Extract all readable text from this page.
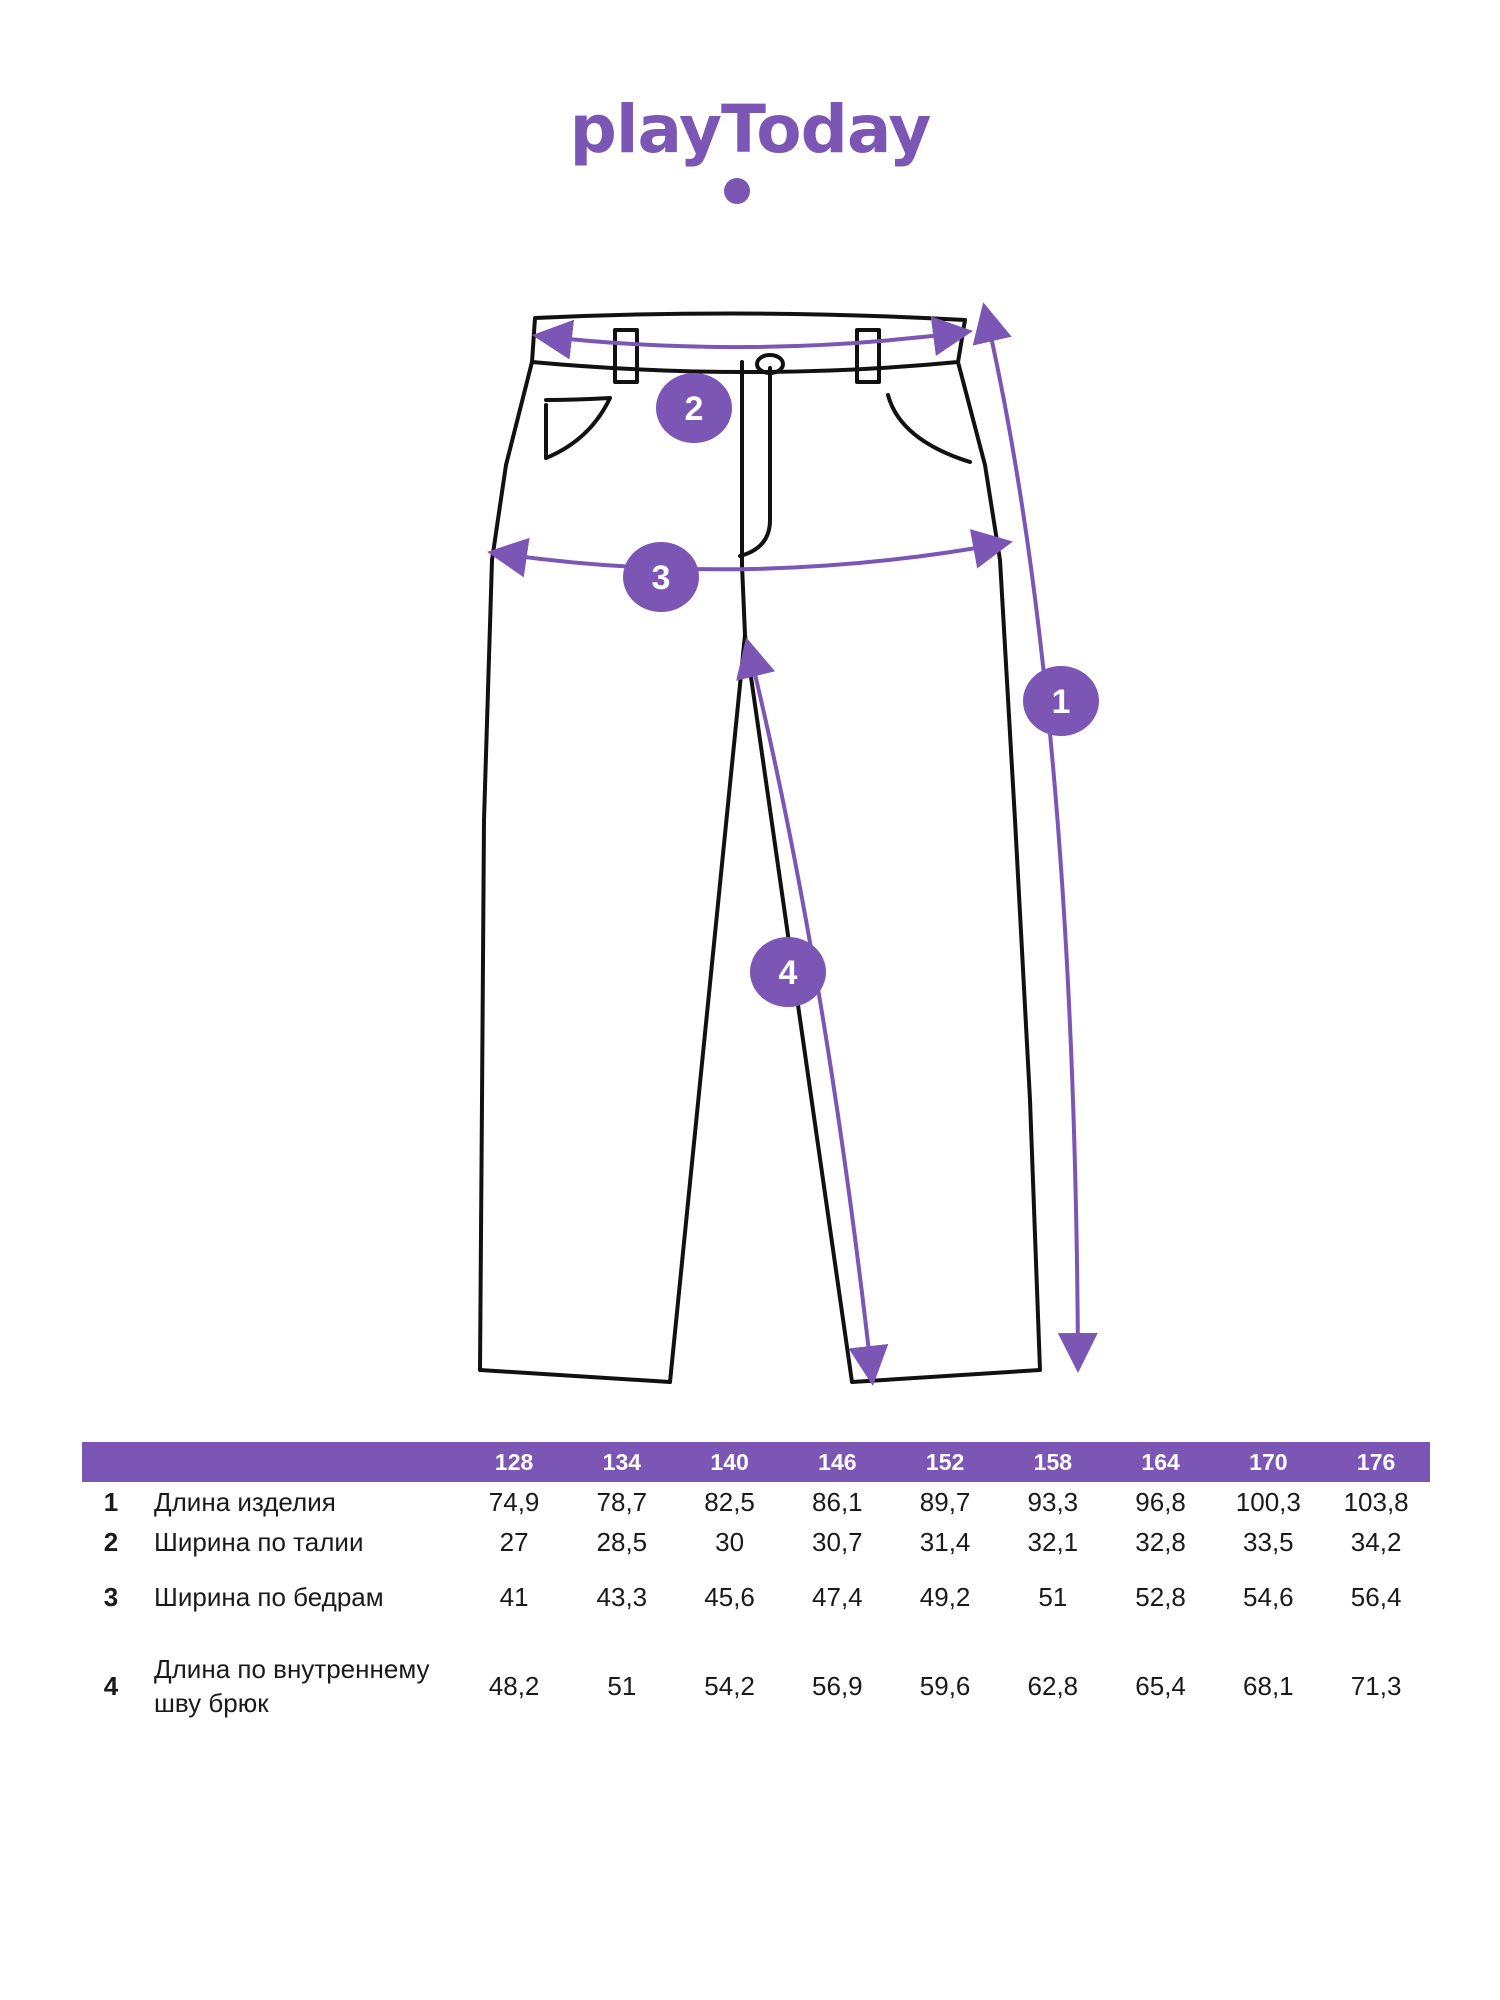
playToday
2
3
1
4
		128	134	140	146	152	158	164	170	176
1	Длина изделия	74,9	78,7	82,5	86,1	89,7	93,3	96,8	100,3	103,8
2	Ширина по талии	27	28,5	30	30,7	31,4	32,1	32,8	33,5	34,2
3	Ширина по бедрам	41	43,3	45,6	47,4	49,2	51	52,8	54,6	56,4
4	Длина по внутреннему шву брюк	48,2	51	54,2	56,9	59,6	62,8	65,4	68,1	71,3
